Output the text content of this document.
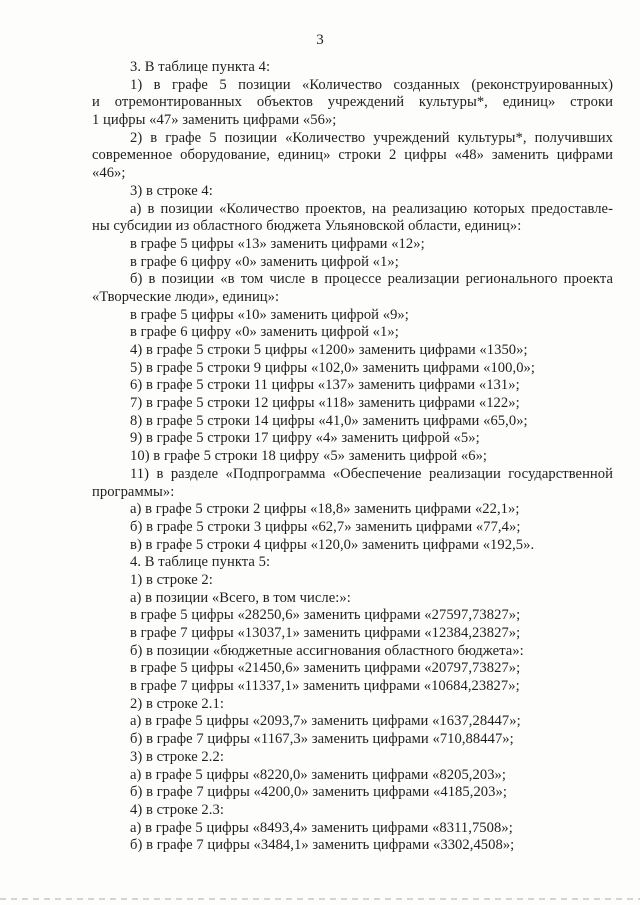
3
3. В таблице пункта 4:
1) в графе 5 позиции «Количество созданных (реконструированных)
и отремонтированных объектов учреждений культуры*, единиц» строки
1 цифры «47» заменить цифрами «56»;
2) в графе 5 позиции «Количество учреждений культуры*, получивших
современное оборудование, единиц» строки 2 цифры «48» заменить цифрами
«46»;
3) в строке 4:
а) в позиции «Количество проектов, на реализацию которых предоставле-
ны субсидии из областного бюджета Ульяновской области, единиц»:
в графе 5 цифры «13» заменить цифрами «12»;
в графе 6 цифру «0» заменить цифрой «1»;
б) в позиции «в том числе в процессе реализации регионального проекта
«Творческие люди», единиц»:
в графе 5 цифры «10» заменить цифрой «9»;
в графе 6 цифру «0» заменить цифрой «1»;
4) в графе 5 строки 5 цифры «1200» заменить цифрами «1350»;
5) в графе 5 строки 9 цифры «102,0» заменить цифрами «100,0»;
6) в графе 5 строки 11 цифры «137» заменить цифрами «131»;
7) в графе 5 строки 12 цифры «118» заменить цифрами «122»;
8) в графе 5 строки 14 цифры «41,0» заменить цифрами «65,0»;
9) в графе 5 строки 17 цифру «4» заменить цифрой «5»;
10) в графе 5 строки 18 цифру «5» заменить цифрой «6»;
11) в разделе «Подпрограмма «Обеспечение реализации государственной
программы»:
а) в графе 5 строки 2 цифры «18,8» заменить цифрами «22,1»;
б) в графе 5 строки 3 цифры «62,7» заменить цифрами «77,4»;
в) в графе 5 строки 4 цифры «120,0» заменить цифрами «192,5».
4. В таблице пункта 5:
1) в строке 2:
а) в позиции «Всего, в том числе:»:
в графе 5 цифры «28250,6» заменить цифрами «27597,73827»;
в графе 7 цифры «13037,1» заменить цифрами «12384,23827»;
б) в позиции «бюджетные ассигнования областного бюджета»:
в графе 5 цифры «21450,6» заменить цифрами «20797,73827»;
в графе 7 цифры «11337,1» заменить цифрами «10684,23827»;
2) в строке 2.1:
а) в графе 5 цифры «2093,7» заменить цифрами «1637,28447»;
б) в графе 7 цифры «1167,3» заменить цифрами «710,88447»;
3) в строке 2.2:
а) в графе 5 цифры «8220,0» заменить цифрами «8205,203»;
б) в графе 7 цифры «4200,0» заменить цифрами «4185,203»;
4) в строке 2.3:
а) в графе 5 цифры «8493,4» заменить цифрами «8311,7508»;
б) в графе 7 цифры «3484,1» заменить цифрами «3302,4508»;
